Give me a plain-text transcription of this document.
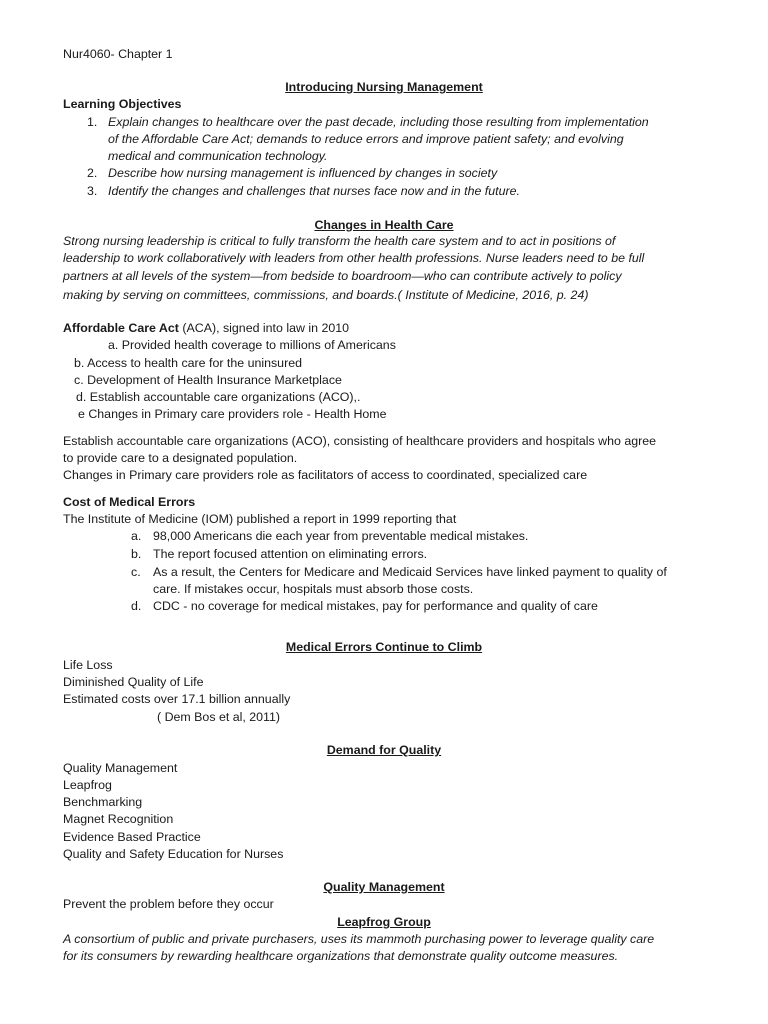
Nur4060- Chapter 1
Introducing Nursing Management
Learning Objectives
1. Explain changes to healthcare over the past decade, including those resulting from implementation
of the Affordable Care Act; demands to reduce errors and improve patient safety; and evolving
medical and communication technology.
2. Describe how nursing management is influenced by changes in society
3. Identify the changes and challenges that nurses face now and in the future.
Changes in Health Care
Strong nursing leadership is critical to fully transform the health care system and to act in positions of
leadership to work collaboratively with leaders from other health professions. Nurse leaders need to be full
partners at all levels of the system—from bedside to boardroom—who can contribute actively to policy
making by serving on committees, commissions, and boards.( Institute of Medicine, 2016, p. 24)
Affordable Care Act (ACA), signed into law in 2010
a. Provided health coverage to millions of Americans
b. Access to health care for the uninsured
c. Development of Health Insurance Marketplace
d. Establish accountable care organizations (ACO),.
e Changes in Primary care providers role - Health Home
Establish accountable care organizations (ACO), consisting of healthcare providers and hospitals who agree
to provide care to a designated population.
Changes in Primary care providers role as facilitators of access to coordinated, specialized care
Cost of Medical Errors
The Institute of Medicine (IOM) published a report in 1999 reporting that
a. 98,000 Americans die each year from preventable medical mistakes.
b. The report focused attention on eliminating errors.
c. As a result, the Centers for Medicare and Medicaid Services have linked payment to quality of
care. If mistakes occur, hospitals must absorb those costs.
d. CDC - no coverage for medical mistakes, pay for performance and quality of care
Medical Errors Continue to Climb
Life Loss
Diminished Quality of Life
Estimated costs over 17.1 billion annually
( Dem Bos et al, 2011)
Demand for Quality
Quality Management
Leapfrog
Benchmarking
Magnet Recognition
Evidence Based Practice
Quality and Safety Education for Nurses
Quality Management
Prevent the problem before they occur
Leapfrog Group
A consortium of public and private purchasers, uses its mammoth purchasing power to leverage quality care
for its consumers by rewarding healthcare organizations that demonstrate quality outcome measures.
